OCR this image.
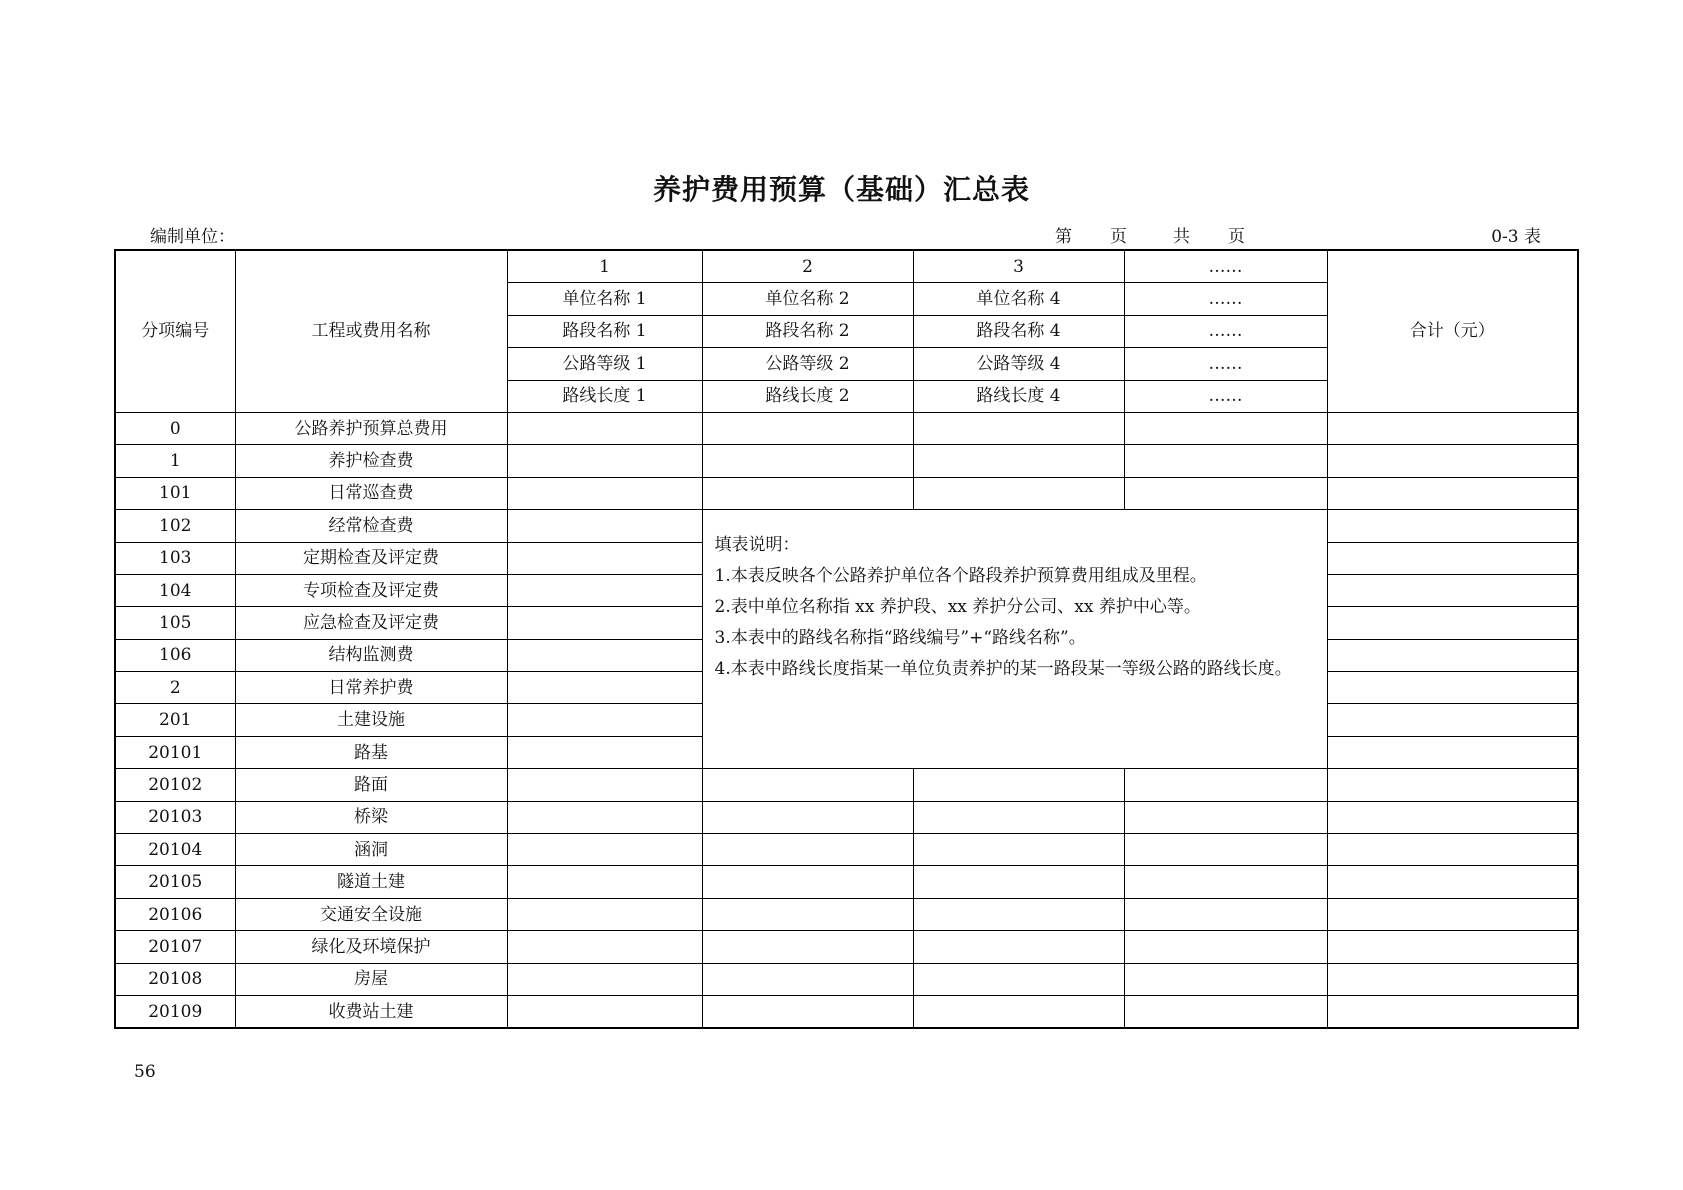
养护费用预算（基础）汇总表
编制单位：	第 页	共 页	0-3 表
分项编号	工程或费用名称	1	2	3	……	合计（元）
		单位名称 1	单位名称 2	单位名称 4	……	
		路段名称 1	路段名称 2	路段名称 4	……	
		公路等级 1	公路等级 2	公路等级 4	……	
		路线长度 1	路线长度 2	路线长度 4	……	
0	公路养护预算总费用					
1	养护检查费					
101	日常巡查费					
102	经常检查费		填表说明：
1.本表反映各个公路养护单位各个路段养护预算费用组成及里程。
2.表中单位名称指 xx 养护段、xx 养护分公司、xx 养护中心等。
3.本表中的路线名称指“路线编号”+“路线名称”。
4.本表中路线长度指某一单位负责养护的某一路段某一等级公路的路线长度。			

103	定期检查及评定费					
104	专项检查及评定费					
105	应急检查及评定费					
106	结构监测费					
2	日常养护费					
201	土建设施					
20101	路基					
20102	路面					
20103	桥梁					
20104	涵洞					
20105	隧道土建					
20106	交通安全设施					
20107	绿化及环境保护					
20108	房屋					
20109	收费站土建					
56
